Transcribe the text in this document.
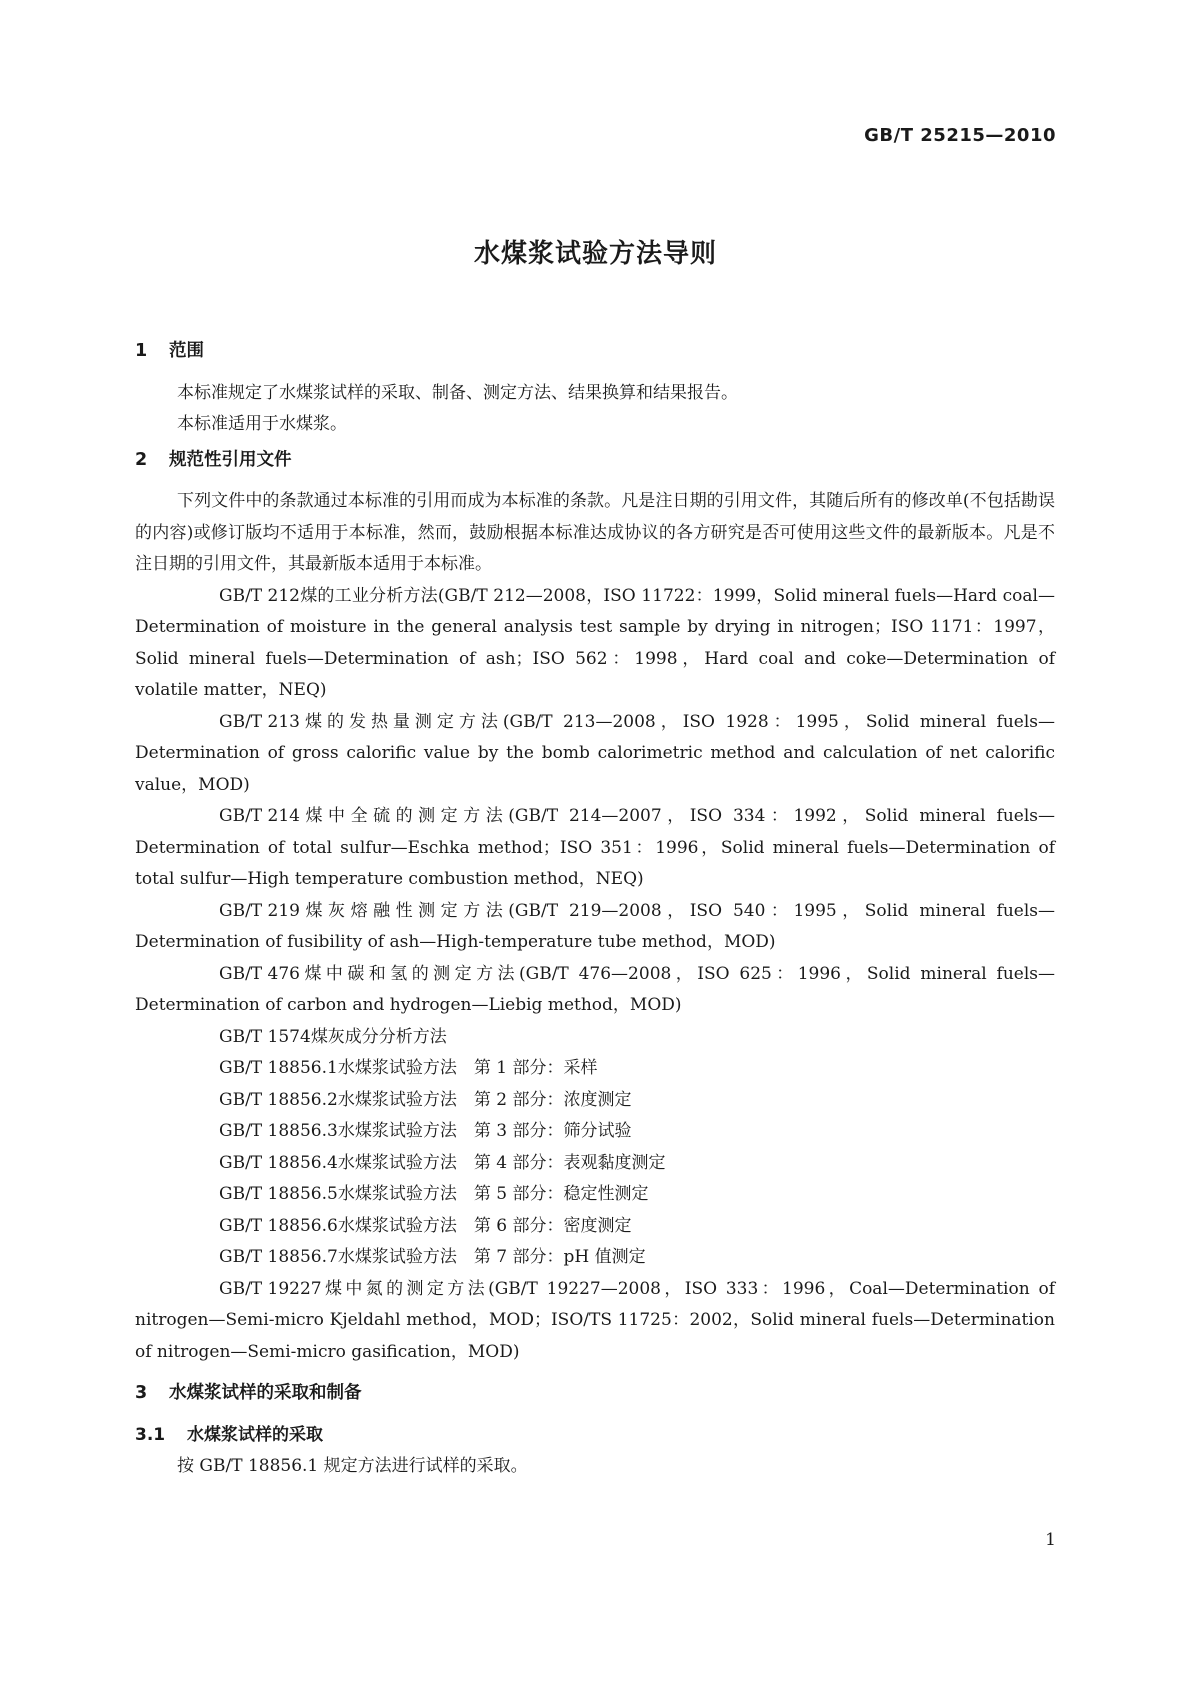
GB/T 25215—2010
水煤浆试验方法导则
1 范围

本标准规定了水煤浆试样的采取、制备、测定方法、结果换算和结果报告。

本标准适用于水煤浆。

2 规范性引用文件

下列文件中的条款通过本标准的引用而成为本标准的条款。凡是注日期的引用文件，其随后所有的修改单(不包括勘误的内容)或修订版均不适用于本标准，然而，鼓励根据本标准达成协议的各方研究是否可使用这些文件的最新版本。凡是不注日期的引用文件，其最新版本适用于本标准。

GB/T 212煤的工业分析方法(GB/T 212—2008，ISO 11722：1999，Solid mineral fuels—Hard coal—Determination of moisture in the general analysis test sample by drying in nitrogen；ISO 1171：1997，Solid mineral fuels—Determination of ash；ISO 562：1998，Hard coal and coke—Determination of volatile matter，NEQ)

GB/T 213煤的发热量测定方法(GB/T 213—2008，ISO 1928：1995，Solid mineral fuels—Determination of gross calorific value by the bomb calorimetric method and calculation of net calorific value，MOD)

GB/T 214煤中全硫的测定方法(GB/T 214—2007，ISO 334：1992，Solid mineral fuels—Determination of total sulfur—Eschka method；ISO 351：1996，Solid mineral fuels—Determination of total sulfur—High temperature combustion method，NEQ)

GB/T 219煤灰熔融性测定方法(GB/T 219—2008，ISO 540：1995，Solid mineral fuels—Determination of fusibility of ash—High-temperature tube method，MOD)

GB/T 476煤中碳和氢的测定方法(GB/T 476—2008，ISO 625：1996，Solid mineral fuels—Determination of carbon and hydrogen—Liebig method，MOD)

GB/T 1574煤灰成分分析方法

GB/T 18856.1水煤浆试验方法　第 1 部分：采样

GB/T 18856.2水煤浆试验方法　第 2 部分：浓度测定

GB/T 18856.3水煤浆试验方法　第 3 部分：筛分试验

GB/T 18856.4水煤浆试验方法　第 4 部分：表观黏度测定

GB/T 18856.5水煤浆试验方法　第 5 部分：稳定性测定

GB/T 18856.6水煤浆试验方法　第 6 部分：密度测定

GB/T 18856.7水煤浆试验方法　第 7 部分：pH 值测定

GB/T 19227煤中氮的测定方法(GB/T 19227—2008，ISO 333：1996，Coal—Determination of nitrogen—Semi-micro Kjeldahl method，MOD；ISO/TS 11725：2002，Solid mineral fuels—Determination of nitrogen—Semi-micro gasification，MOD)

3 水煤浆试样的采取和制备
3.1 水煤浆试样的采取

按 GB/T 18856.1 规定方法进行试样的采取。

1
